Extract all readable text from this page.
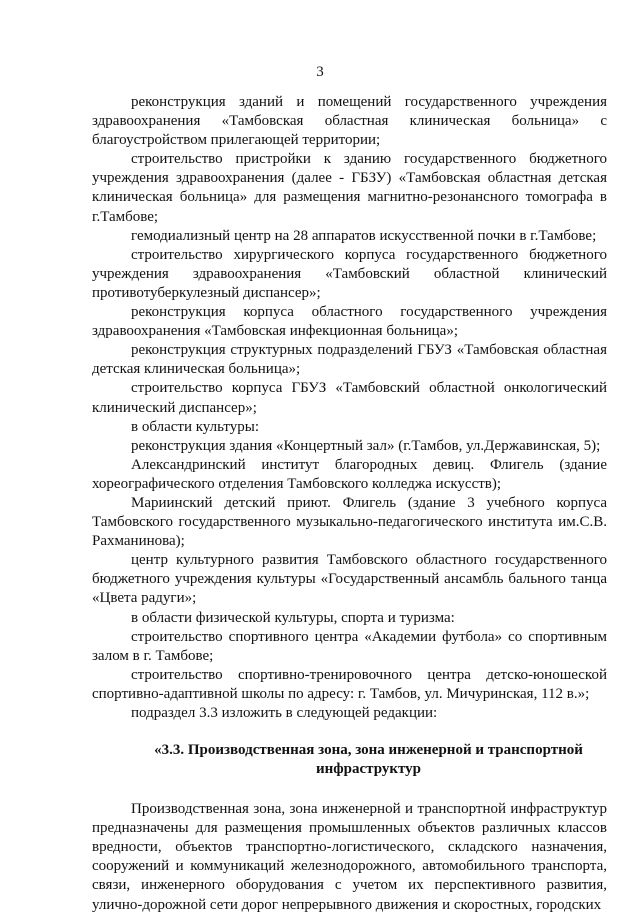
3

реконструкция зданий и помещений государственного учреждения здравоохранения «Тамбовская областная клиническая больница» с благоустройством прилегающей территории;

строительство пристройки к зданию государственного бюджетного учреждения здравоохранения (далее - ГБЗУ) «Тамбовская областная детская клиническая больница» для размещения магнитно-резонансного томографа в г.Тамбове;

гемодиализный центр на 28 аппаратов искусственной почки в г.Тамбове;

строительство хирургического корпуса государственного бюджетного учреждения здравоохранения «Тамбовский областной клинический противотуберкулезный диспансер»;

реконструкция корпуса областного государственного учреждения здравоохранения «Тамбовская инфекционная больница»;

реконструкция структурных подразделений ГБУЗ «Тамбовская областная детская клиническая больница»;

строительство корпуса ГБУЗ «Тамбовский областной онкологический клинический диспансер»;

в области культуры:

реконструкция здания «Концертный зал» (г.Тамбов, ул.Державинская, 5);

Александринский институт благородных девиц. Флигель (здание хореографического отделения Тамбовского колледжа искусств);

Мариинский детский приют. Флигель (здание 3 учебного корпуса Тамбовского государственного музыкально-педагогического института им.С.В. Рахманинова);

центр культурного развития Тамбовского областного государственного бюджетного учреждения культуры «Государственный ансамбль бального танца «Цвета радуги»;

в области физической культуры, спорта и туризма:

строительство спортивного центра «Академии футбола» со спортивным залом в г. Тамбове;

строительство спортивно-тренировочного центра детско-юношеской спортивно-адаптивной школы по адресу: г. Тамбов, ул. Мичуринская, 112 в.»;

подраздел 3.3 изложить в следующей редакции:

«3.3. Производственная зона, зона инженерной и транспортной инфраструктур

Производственная зона, зона инженерной и транспортной инфраструктур предназначены для размещения промышленных объектов различных классов вредности, объектов транспортно-логистического, складского назначения, сооружений и коммуникаций железнодорожного, автомобильного транспорта, связи, инженерного оборудования с учетом их перспективного развития, улично-дорожной сети дорог непрерывного движения и скоростных, городских
